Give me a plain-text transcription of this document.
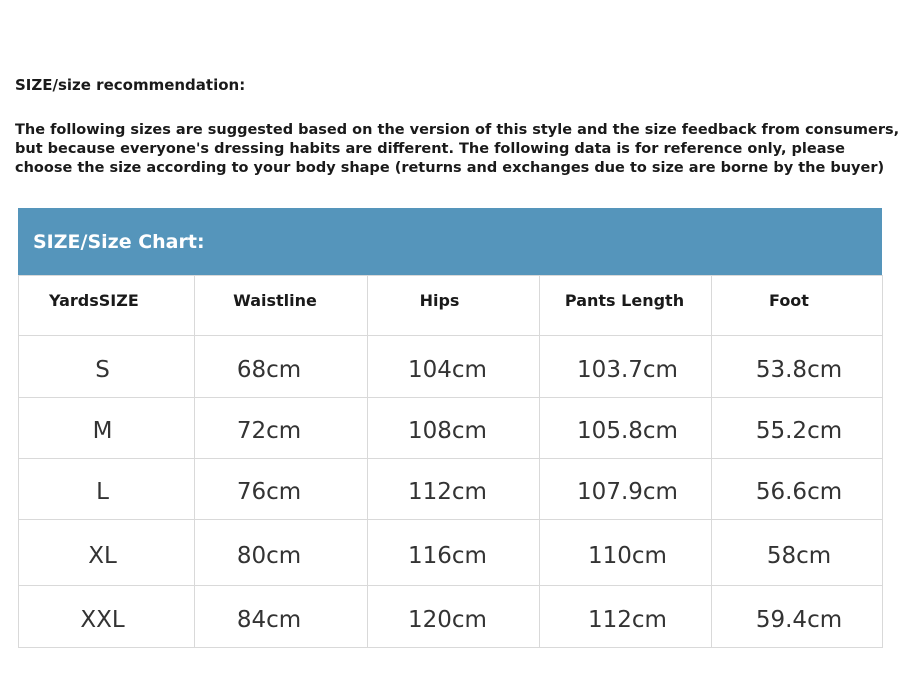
SIZE/size recommendation:
The following sizes are suggested based on the version of this style and the size feedback from consumers,
but because everyone's dressing habits are different. The following data is for reference only, please
choose the size according to your body shape (returns and exchanges due to size are borne by the buyer)
SIZE/Size Chart:
YardsSIZE	Waistline	Hips	Pants Length	Foot
S	68cm	104cm	103.7cm	53.8cm
M	72cm	108cm	105.8cm	55.2cm
L	76cm	112cm	107.9cm	56.6cm
XL	80cm	116cm	110cm	58cm
XXL	84cm	120cm	112cm	59.4cm
